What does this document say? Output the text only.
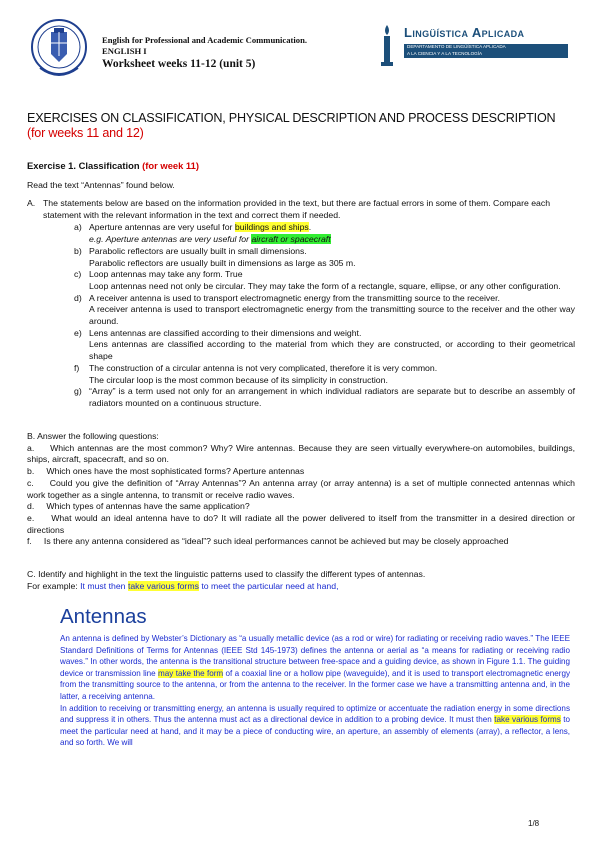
English for Professional and Academic Communication.
ENGLISH I
Worksheet weeks 11-12 (unit 5)
Lingüística Aplicada
DEPARTAMENTO DE LINGÜÍSTICA APLICADA
A LA CIENCIA Y A LA TECNOLOGÍA
EXERCISES ON CLASSIFICATION, PHYSICAL DESCRIPTION AND PROCESS DESCRIPTION (for weeks 11 and 12)
Exercise 1. Classification (for week 11)
Read the text “Antennas” found below.
A. The statements below are based on the information provided in the text, but there are factual errors in some of them. Compare each statement with the relevant information in the text and correct them if needed.
a) Aperture antennas are very useful for buildings and ships.
e.g. Aperture antennas are very useful for aircraft or spacecraft
b) Parabolic reflectors are usually built in small dimensions.
Parabolic reflectors are usually built in dimensions as large as 305 m.
c) Loop antennas may take any form. True
Loop antennas need not only be circular. They may take the form of a rectangle, square, ellipse, or any other configuration.
d) A receiver antenna is used to transport electromagnetic energy from the transmitting source to the receiver.
A receiver antenna is used to transport electromagnetic energy from the transmitting source to the receiver and the other way around.
e) Lens antennas are classified according to their dimensions and weight.
Lens antennas are classified according to the material from which they are constructed, or according to their geometrical shape
f)	The construction of a circular antenna is not very complicated, therefore it is very common.
The circular loop is the most common because of its simplicity in construction.
g) “Array” is a term used not only for an arrangement in which individual radiators are separate but to describe an assembly of radiators mounted on a continuous structure.
B. Answer the following questions:
a. Which antennas are the most common? Why? Wire antennas. Because they are seen virtually everywhere-on automobiles, buildings, ships, aircraft, spacecraft, and so on.
b. Which ones have the most sophisticated forms? Aperture antennas
c. Could you give the definition of “Array Antennas”? An antenna array (or array antenna) is a set of multiple connected antennas which work together as a single antenna, to transmit or receive radio waves.
d. Which types of antennas have the same application?
e. What would an ideal antenna have to do? It will radiate all the power delivered to itself from the transmitter in a desired direction or directions
f. Is there any antenna considered as “ideal”? such ideal performances cannot be achieved but may be closely approached
C. Identify and highlight in the text the linguistic patterns used to classify the different types of antennas.
For example: It must then take various forms to meet the particular need at hand,
Antennas

An antenna is defined by Webster’s Dictionary as “a usually metallic device (as a rod or wire) for radiating or receiving radio waves.” The IEEE Standard Definitions of Terms for Antennas (IEEE Std 145-1973) defines the antenna or aerial as “a means for radiating or receiving radio waves.” In other words, the antenna is the transitional structure between free-space and a guiding device, as shown in Figure 1.1. The guiding device or transmission line may take the form of a coaxial line or a hollow pipe (waveguide), and it is used to transport electromagnetic energy from the transmitting source to the antenna, or from the antenna to the receiver. In the former case we have a transmitting antenna and, in the latter, a receiving antenna.

In addition to receiving or transmitting energy, an antenna is usually required to optimize or accentuate the radiation energy in some directions and suppress it in others. Thus the antenna must act as a directional device in addition to a probing device. It must then take various forms to meet the particular need at hand, and it may be a piece of conducting wire, an aperture, an assembly of elements (array), a reflector, a lens, and so forth. We will

1/8
